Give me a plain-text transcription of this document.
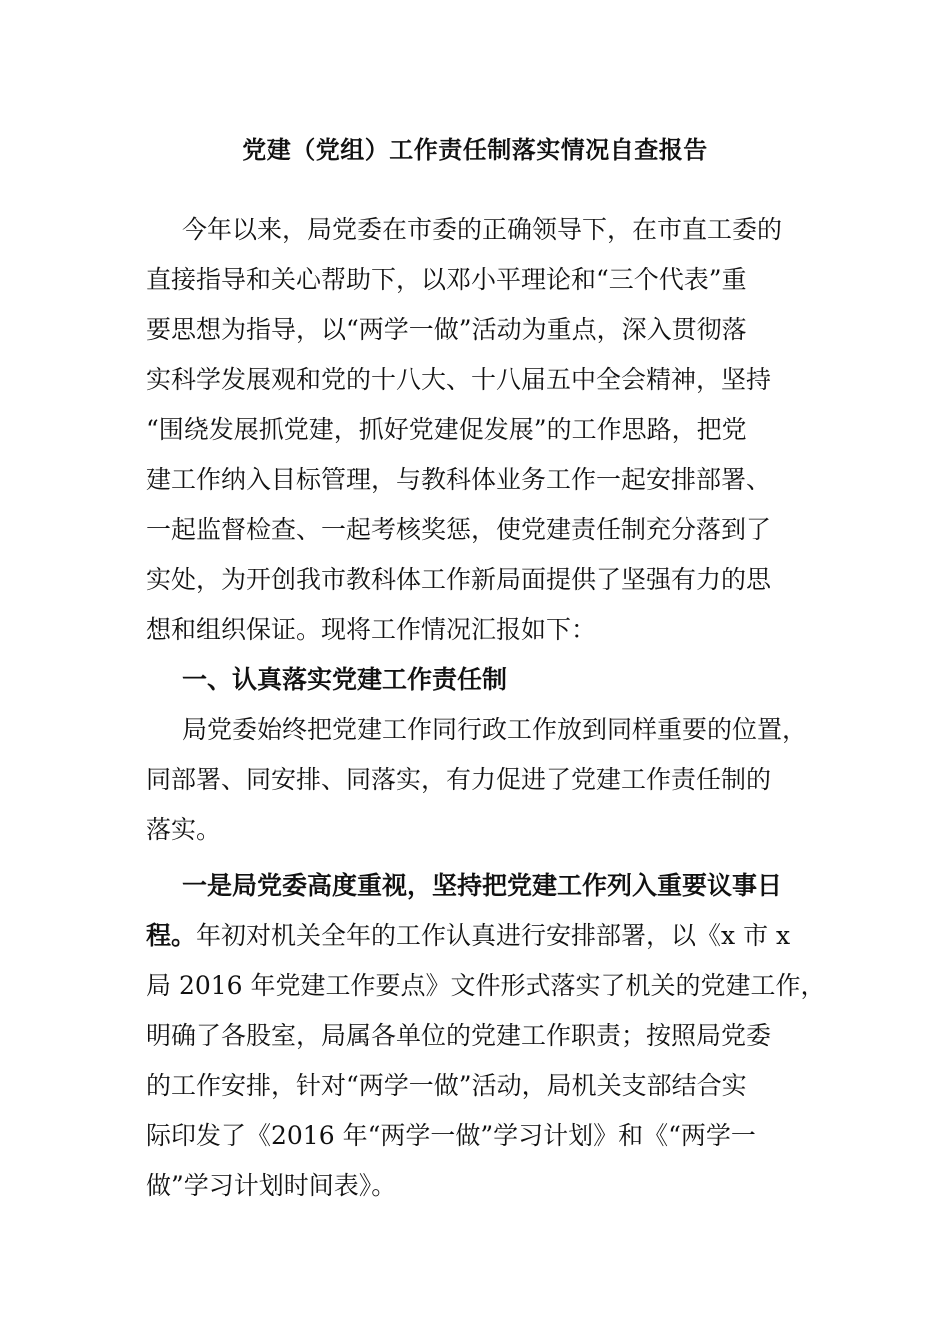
党建（党组）工作责任制落实情况自查报告
今年以来，局党委在市委的正确领导下，在市直工委的
直接指导和关心帮助下，以邓小平理论和“三个代表”重
要思想为指导，以“两学一做”活动为重点，深入贯彻落
实科学发展观和党的十八大、十八届五中全会精神，坚持
“围绕发展抓党建，抓好党建促发展”的工作思路，把党
建工作纳入目标管理，与教科体业务工作一起安排部署、
一起监督检查、一起考核奖惩，使党建责任制充分落到了
实处，为开创我市教科体工作新局面提供了坚强有力的思
想和组织保证。现将工作情况汇报如下：
一、认真落实党建工作责任制
局党委始终把党建工作同行政工作放到同样重要的位置，
同部署、同安排、同落实，有力促进了党建工作责任制的
落实。
一是局党委高度重视，坚持把党建工作列入重要议事日
程。年初对机关全年的工作认真进行安排部署，以《x 市 x
局 2016 年党建工作要点》文件形式落实了机关的党建工作，
明确了各股室，局属各单位的党建工作职责；按照局党委
的工作安排，针对“两学一做”活动，局机关支部结合实
际印发了《2016 年“两学一做”学习计划》和《“两学一
做”学习计划时间表》。
